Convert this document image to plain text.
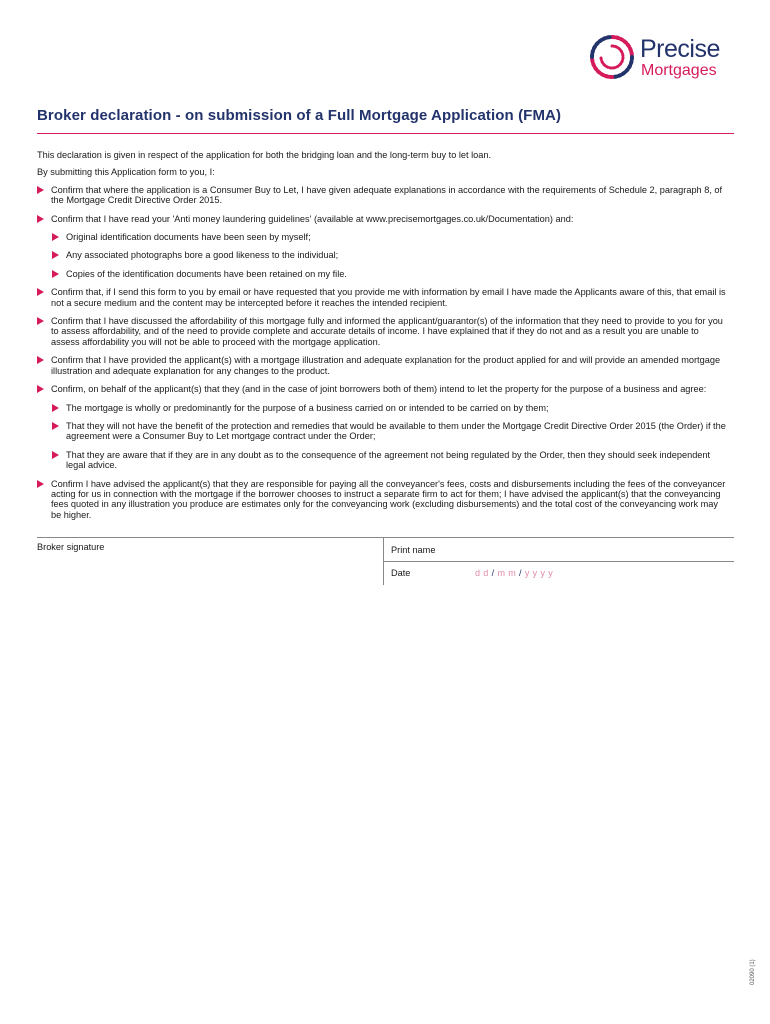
Precise
Mortgages
Broker declaration - on submission of a Full Mortgage Application (FMA)

This declaration is given in respect of the application for both the bridging loan and the long-term buy to let loan.

By submitting this Application form to you, I:

Confirm that where the application is a Consumer Buy to Let, I have given adequate explanations in accordance with the requirements of Schedule 2, paragraph 8, of the Mortgage Credit Directive Order 2015.
Confirm that I have read your 'Anti money laundering guidelines' (available at www.precisemortgages.co.uk/Documentation) and:
Original identification documents have been seen by myself;
Any associated photographs bore a good likeness to the individual;
Copies of the identification documents have been retained on my file.
Confirm that, if I send this form to you by email or have requested that you provide me with information by email I have made the Applicants aware of this, that email is not a secure medium and the content may be intercepted before it reaches the intended recipient.
Confirm that I have discussed the affordability of this mortgage fully and informed the applicant/guarantor(s) of the information that they need to provide to you for you to assess affordability, and of the need to provide complete and accurate details of income. I have explained that if they do not and as a result you are unable to assess affordability you will not be able to proceed with the mortgage application.
Confirm that I have provided the applicant(s) with a mortgage illustration and adequate explanation for the product applied for and will provide an amended mortgage illustration and adequate explanation for any changes to the product.
Confirm, on behalf of the applicant(s) that they (and in the case of joint borrowers both of them) intend to let the property for the purpose of a business and agree:
The mortgage is wholly or predominantly for the purpose of a business carried on or intended to be carried on by them;
That they will not have the benefit of the protection and remedies that would be available to them under the Mortgage Credit Directive Order 2015 (the Order) if the agreement were a Consumer Buy to Let mortgage contract under the Order;
That they are aware that if they are in any doubt as to the consequence of the agreement not being regulated by the Order, then they should seek independent legal advice.
Confirm I have advised the applicant(s) that they are responsible for paying all the conveyancer's fees, costs and disbursements including the fees of the conveyancer acting for us in connection with the mortgage if the borrower chooses to instruct a separate firm to act for them; I have advised the applicant(s) that the conveyancing fees quoted in any illustration you produce are estimates only for the conveyancing work (excluding disbursements) and the total cost of the conveyancing work may be higher.
Broker signature	Print name
Date	d d / m m / y y y y
02090 (1)
